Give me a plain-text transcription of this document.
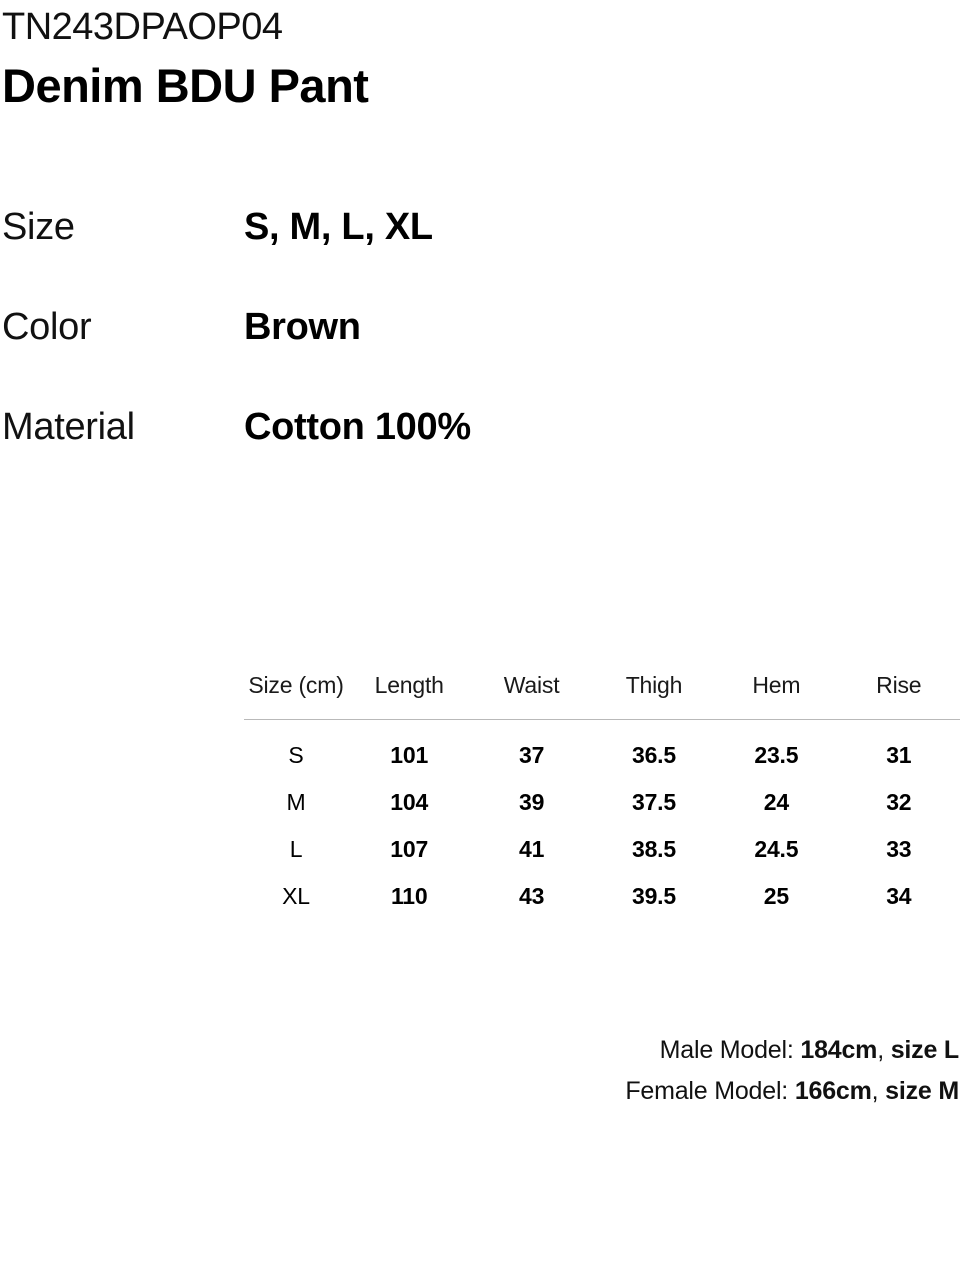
TN243DPAOP04
Denim BDU Pant
Size	S, M, L, XL
Color	Brown
Material	Cotton 100%
Size (cm)	Length	Waist	Thigh	Hem	Rise
S	101	37	36.5	23.5	31
M	104	39	37.5	24	32
L	107	41	38.5	24.5	33
XL	110	43	39.5	25	34
Male Model: 184cm, size L
Female Model: 166cm, size M
